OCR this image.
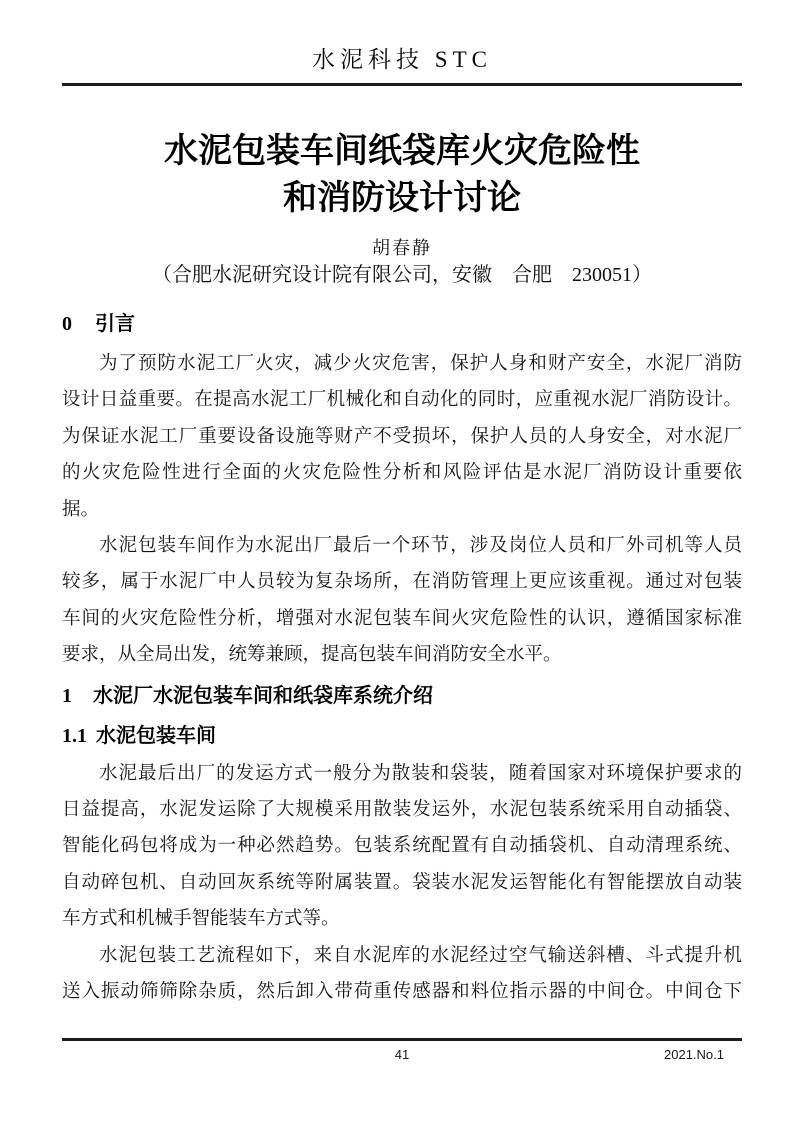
水泥科技 STC
水泥包装车间纸袋库火灾危险性
和消防设计讨论
胡春静
（合肥水泥研究设计院有限公司，安徽　合肥　230051）
0 引言
为了预防水泥工厂火灾，减少火灾危害，保护人身和财产安全，水泥厂消防
设计日益重要。在提高水泥工厂机械化和自动化的同时，应重视水泥厂消防设计。
为保证水泥工厂重要设备设施等财产不受损坏，保护人员的人身安全，对水泥厂
的火灾危险性进行全面的火灾危险性分析和风险评估是水泥厂消防设计重要依
据。
水泥包装车间作为水泥出厂最后一个环节，涉及岗位人员和厂外司机等人员
较多，属于水泥厂中人员较为复杂场所，在消防管理上更应该重视。通过对包装
车间的火灾危险性分析，增强对水泥包装车间火灾危险性的认识，遵循国家标准
要求，从全局出发，统筹兼顾，提高包装车间消防安全水平。
1 水泥厂水泥包装车间和纸袋库系统介绍
1.1 水泥包装车间
水泥最后出厂的发运方式一般分为散装和袋装，随着国家对环境保护要求的
日益提高，水泥发运除了大规模采用散装发运外，水泥包装系统采用自动插袋、
智能化码包将成为一种必然趋势。包装系统配置有自动插袋机、自动清理系统、
自动碎包机、自动回灰系统等附属装置。袋装水泥发运智能化有智能摆放自动装
车方式和机械手智能装车方式等。
水泥包装工艺流程如下，来自水泥库的水泥经过空气输送斜槽、斗式提升机
送入振动筛筛除杂质，然后卸入带荷重传感器和料位指示器的中间仓。中间仓下
41	2021.No.1
